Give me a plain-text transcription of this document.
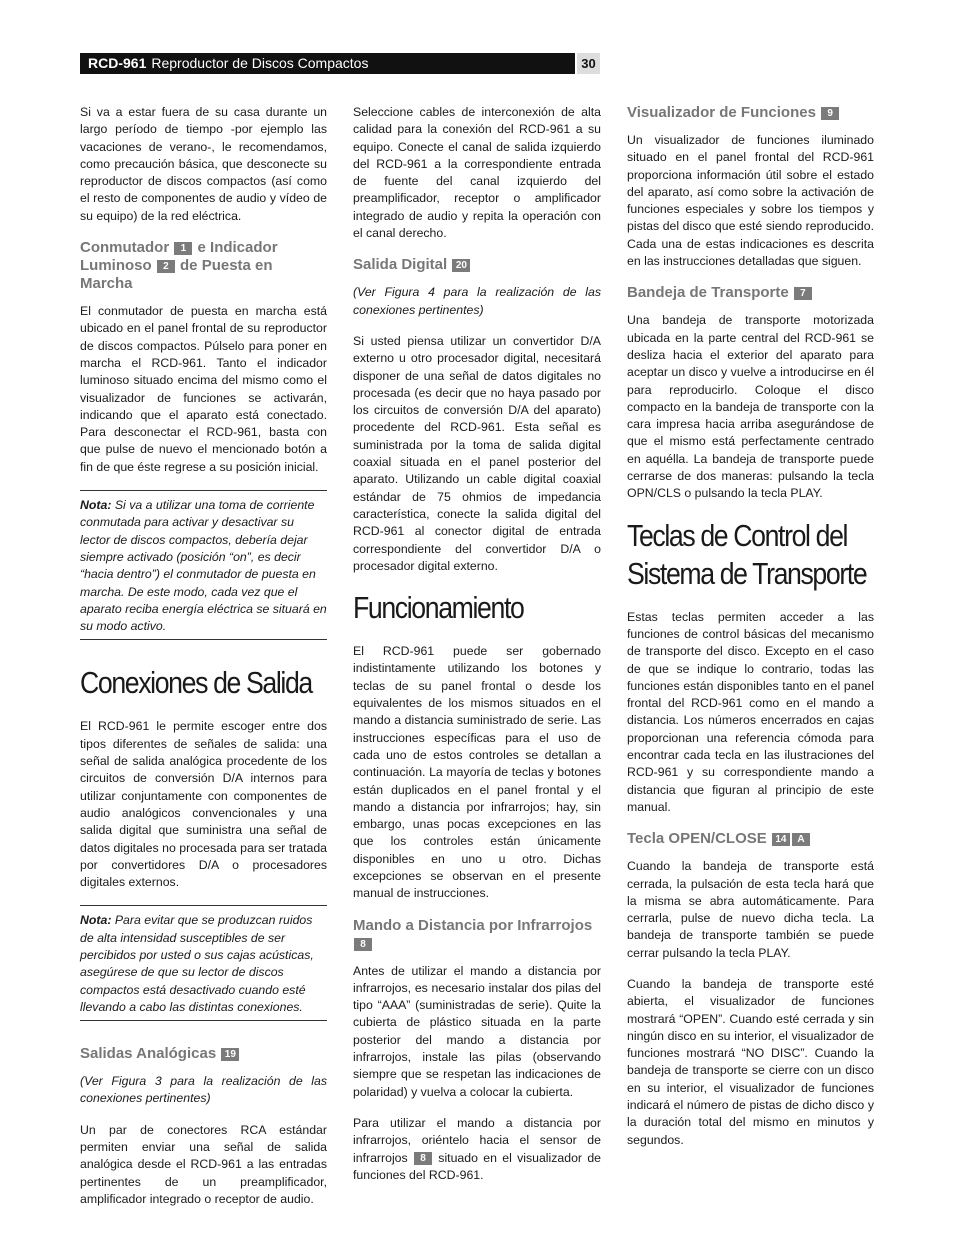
RCD-961 Reproductor de Discos Compactos	30

Si va a estar fuera de su casa durante un largo período de tiempo -por ejemplo las vacaciones de verano-, le recomendamos, como precaución básica, que desconecte su reproductor de discos compactos (así como el resto de componentes de audio y vídeo de su equipo) de la red eléctrica.

Conmutador 1 e Indicador Luminoso 2 de Puesta en Marcha

El conmutador de puesta en marcha está ubicado en el panel frontal de su reproductor de discos compactos. Púlselo para poner en marcha el RCD-961. Tanto el indicador luminoso situado encima del mismo como el visualizador de funciones se activarán, indicando que el aparato está conectado. Para desconectar el RCD-961, basta con que pulse de nuevo el mencionado botón a fin de que éste regrese a su posición inicial.

Nota: Si va a utilizar una toma de corriente conmutada para activar y desactivar su lector de discos compactos, debería dejar siempre activado (posición “on”, es decir “hacia dentro”) el conmutador de puesta en marcha. De este modo, cada vez que el aparato reciba energía eléctrica se situará en su modo activo.

Conexiones de Salida

El RCD-961 le permite escoger entre dos tipos diferentes de señales de salida: una señal de salida analógica procedente de los circuitos de conversión D/A internos para utilizar conjuntamente con componentes de audio analógicos convencionales y una salida digital que suministra una señal de datos digitales no procesada para ser tratada por convertidores D/A o procesadores digitales externos.

Nota: Para evitar que se produzcan ruidos de alta intensidad susceptibles de ser percibidos por usted o sus cajas acústicas, asegúrese de que su lector de discos compactos está desactivado cuando esté llevando a cabo las distintas conexiones.

Salidas Analógicas 19

(Ver Figura 3 para la realización de las conexiones pertinentes)

Un par de conectores RCA estándar permiten enviar una señal de salida analógica desde el RCD-961 a las entradas pertinentes de un preamplificador, amplificador integrado o receptor de audio.

Seleccione cables de interconexión de alta calidad para la conexión del RCD-961 a su equipo. Conecte el canal de salida izquierdo del RCD-961 a la correspondiente entrada de fuente del canal izquierdo del preamplificador, receptor o amplificador integrado de audio y repita la operación con el canal derecho.

Salida Digital 20

(Ver Figura 4 para la realización de las conexiones pertinentes)

Si usted piensa utilizar un convertidor D/A externo u otro procesador digital, necesitará disponer de una señal de datos digitales no procesada (es decir que no haya pasado por los circuitos de conversión D/A del aparato) procedente del RCD-961. Esta señal es suministrada por la toma de salida digital coaxial situada en el panel posterior del aparato. Utilizando un cable digital coaxial estándar de 75 ohmios de impedancia característica, conecte la salida digital del RCD-961 al conector digital de entrada correspondiente del convertidor D/A o procesador digital externo.

Funcionamiento

El RCD-961 puede ser gobernado indistintamente utilizando los botones y teclas de su panel frontal o desde los equivalentes de los mismos situados en el mando a distancia suministrado de serie. Las instrucciones específicas para el uso de cada uno de estos controles se detallan a continuación. La mayoría de teclas y botones están duplicados en el panel frontal y el mando a distancia por infrarrojos; hay, sin embargo, unas pocas excepciones en las que los controles están únicamente disponibles en uno u otro. Dichas excepciones se observan en el presente manual de instrucciones.

Mando a Distancia por Infrarrojos 8

Antes de utilizar el mando a distancia por infrarrojos, es necesario instalar dos pilas del tipo “AAA” (suministradas de serie). Quite la cubierta de plástico situada en la parte posterior del mando a distancia por infrarrojos, instale las pilas (observando siempre que se respetan las indicaciones de polaridad) y vuelva a colocar la cubierta.

Para utilizar el mando a distancia por infrarrojos, oriéntelo hacia el sensor de infrarrojos 8 situado en el visualizador de funciones del RCD-961.

Visualizador de Funciones 9

Un visualizador de funciones iluminado situado en el panel frontal del RCD-961 proporciona información útil sobre el estado del aparato, así como sobre la activación de funciones especiales y sobre los tiempos y pistas del disco que esté siendo reproducido. Cada una de estas indicaciones es descrita en las instrucciones detalladas que siguen.

Bandeja de Transporte 7

Una bandeja de transporte motorizada ubicada en la parte central del RCD-961 se desliza hacia el exterior del aparato para aceptar un disco y vuelve a introducirse en él para reproducirlo. Coloque el disco compacto en la bandeja de transporte con la cara impresa hacia arriba asegurándose de que el mismo está perfectamente centrado en aquélla. La bandeja de transporte puede cerrarse de dos maneras: pulsando la tecla OPN/CLS o pulsando la tecla PLAY.

Teclas de Control del
Sistema de Transporte

Estas teclas permiten acceder a las funciones de control básicas del mecanismo de transporte del disco. Excepto en el caso de que se indique lo contrario, todas las funciones están disponibles tanto en el panel frontal del RCD-961 como en el mando a distancia. Los números encerrados en cajas proporcionan una referencia cómoda para encontrar cada tecla en las ilustraciones del RCD-961 y su correspondiente mando a distancia que figuran al principio de este manual.

Tecla OPEN/CLOSE 14 A

Cuando la bandeja de transporte está cerrada, la pulsación de esta tecla hará que la misma se abra automáticamente. Para cerrarla, pulse de nuevo dicha tecla. La bandeja de transporte también se puede cerrar pulsando la tecla PLAY.

Cuando la bandeja de transporte esté abierta, el visualizador de funciones mostrará “OPEN”. Cuando esté cerrada y sin ningún disco en su interior, el visualizador de funciones mostrará “NO DISC”. Cuando la bandeja de transporte se cierre con un disco en su interior, el visualizador de funciones indicará el número de pistas de dicho disco y la duración total del mismo en minutos y segundos.
